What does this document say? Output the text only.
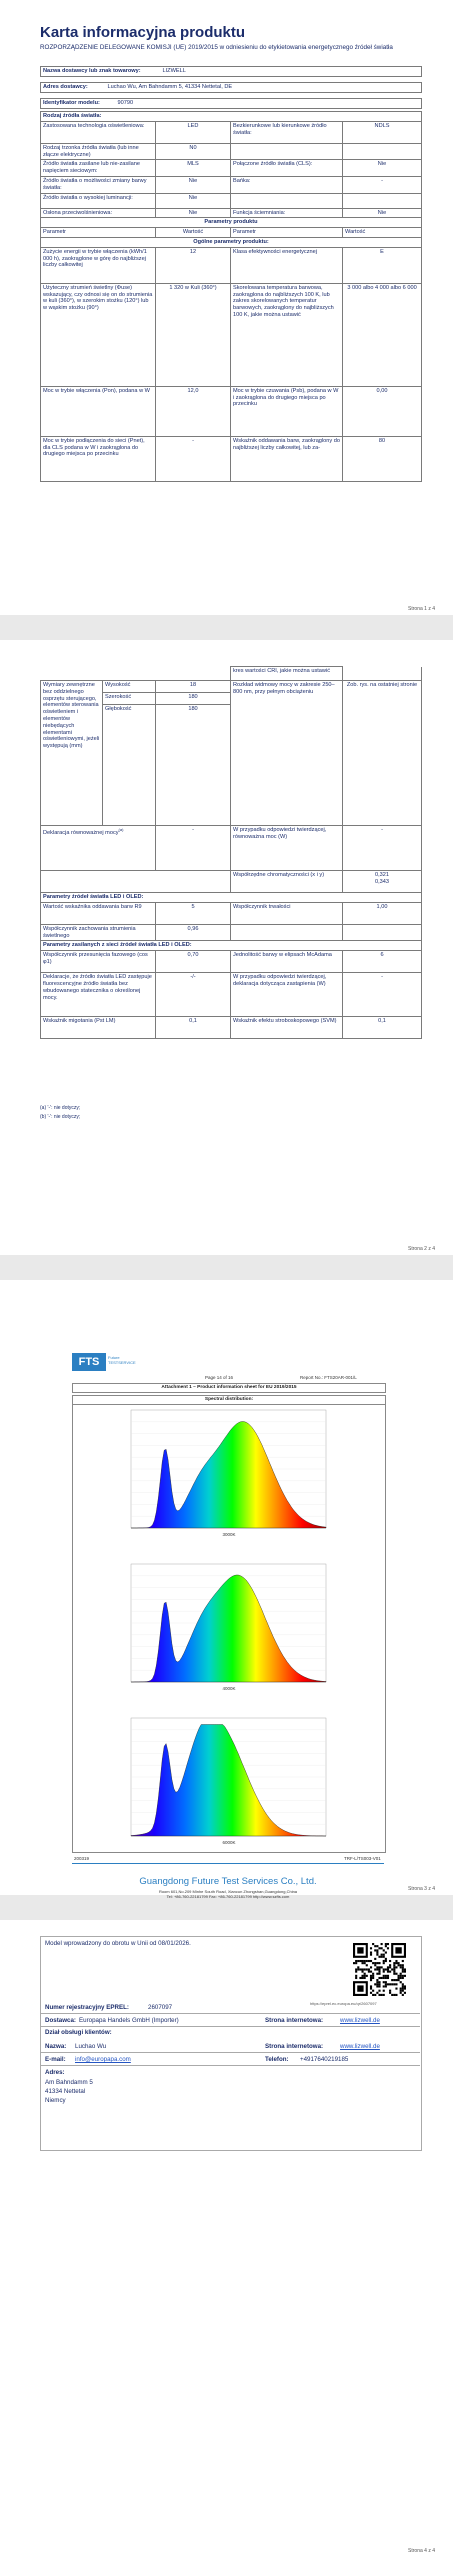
Karta informacyjna produktu
ROZPORZĄDZENIE DELEGOWANE KOMISJI (UE) 2019/2015 w odniesieniu do etykietowania energetycznego źródeł światła
Nazwa dostawcy lub znak towarowy:	LIZWELL
Adres dostawcy:	Luchao Wu, Am Bahndamm 5, 41334 Nettetal, DE
Identyfikator modelu:	90790
Rodzaj źródła światła:			
Zastosowana technologia oświetleniowa:	LED	Bezkierunkowe lub kierunkowe źródło światła:	NDLS
Rodzaj trzonka źródła światła (lub inne złącze elektryczne)	N0		
Źródło światła zasilane lub nie-zasilane napięciem sieciowym:	MLS	Połączone źródło światła (CLS):	Nie
Źródło światła o możliwości zmiany barwy światła:	Nie	Bańka:	-
Źródło światła o wysokiej luminancji:	Nie		
Osłona przeciwolśnieniowa:	Nie	Funkcja ściemniania:	Nie
Parametry produktu			
Parametr	Wartość	Parametr	Wartość
Ogólne parametry produktu:			
Zużycie energii w trybie włączenia (kWh/1 000 h), zaokrąglone w górę do najbliższej liczby całkowitej	12	Klasa efektywności energetycznej	E
Użyteczny strumień świetlny (Φuse) wskazujący, czy odnosi się on do strumienia w kuli (360°), w szerokim stożku (120°) lub w wąskim stożku (90°)	1 320 w Kuli (360°)	Skorelowana temperatura barwowa, zaokrąglona do najbliższych 100 K, lub zakres skorelowanych temperatur barwowych, zaokrąglony do najbliższych 100 K, jakie można ustawić	3 000 albo 4 000 albo 6 000
Moc w trybie włączenia (Pon), podana w W	12,0	Moc w trybie czuwania (Psb), podana w W i zaokrąglona do drugiego miejsca po przecinku	0,00
Moc w trybie podłączenia do sieci (Pnet), dla CLS podana w W i zaokrąglona do drugiego miejsca po przecinku	-	Wskaźnik oddawania barw, zaokrąglony do najbliższej liczby całkowitej, lub za-	80
Strona 1 z 4
			kres wartości CRI, jakie można ustawić	
Wymiary zewnętrzne bez oddzielnego osprzętu sterującego, elementów sterowania oświetleniem i elementów niebędących elementami oświetleniowymi, jeżeli występują (mm)	Wysokość	18	Rozkład widmowy mocy w zakresie 250–800 nm, przy pełnym obciążeniu	Zob. rys. na ostatniej stronie
	Szerokość	180		
	Głębokość	180		
Deklaracja równoważnej mocy$^{(a)}$		-	W przypadku odpowiedzi twierdzącej, równoważna moc (W)	-
			Współrzędne chromatyczności (x i y)	0,321
0,343

Parametry źródeł światła LED i OLED:				
Wartość wskaźnika oddawania barw R9		5	Współczynnik trwałości	1,00
Współczynnik zachowania strumienia świetlnego		0,96		
Parametry zasilanych z sieci źródeł światła LED i OLED:				
Współczynnik przesunięcia fazowego (cos φ1)		0,70	Jednolitość barwy w elipsach McAdama	6
Deklaracje, że źródło światła LED zastępuje fluorescencyjne źródło światła bez wbudowanego statecznika o określonej mocy.		-/-	W przypadku odpowiedzi twierdzącej, deklaracja dotycząca zastąpienia (W)	-
Wskaźnik migotania (Pst LM)		0,1	Wskaźnik efektu stroboskopowego (SVM)	0,1
(a) '-': nie dotyczy;
(b) '-': nie dotyczy;
Strona 2 z 4
FTS	Future
TESTSERVICE
Page 14 of 16	Report No.: FTS20AR-001/L
Attachment 1 – Product information sheet for EU 2019/2015
Spectral distribution:
3000K
4000K
6000K
200319	TRF-L/TS003-V01
Guangdong Future Test Services Co., Ltd.
Room 601,No.209 Minhe South Road, Xiancun Zhongshan,Guangdong,China
Tel: +86-760-22181799 Fax: +86-760-22181799 http://www.szfts.com
Strona 3 z 4
Model wprowadzony do obrotu w Unii od 08/01/2026.
https://eprel.ec.europa.eu/qr/2607097
Numer rejestracyjny EPREL:	2607097
Dostawca: Europapa Handels GmbH (Importer)	Strona internetowa:	www.lizwell.de
Dział obsługi klientów:
Nazwa: Luchao Wu	Strona internetowa:	www.lizwell.de
E-mail: info@europapa.com	Telefon: +4917640219185
Adres:
Am Bahndamm 5
41334 Nettetal
Niemcy
Strona 4 z 4
